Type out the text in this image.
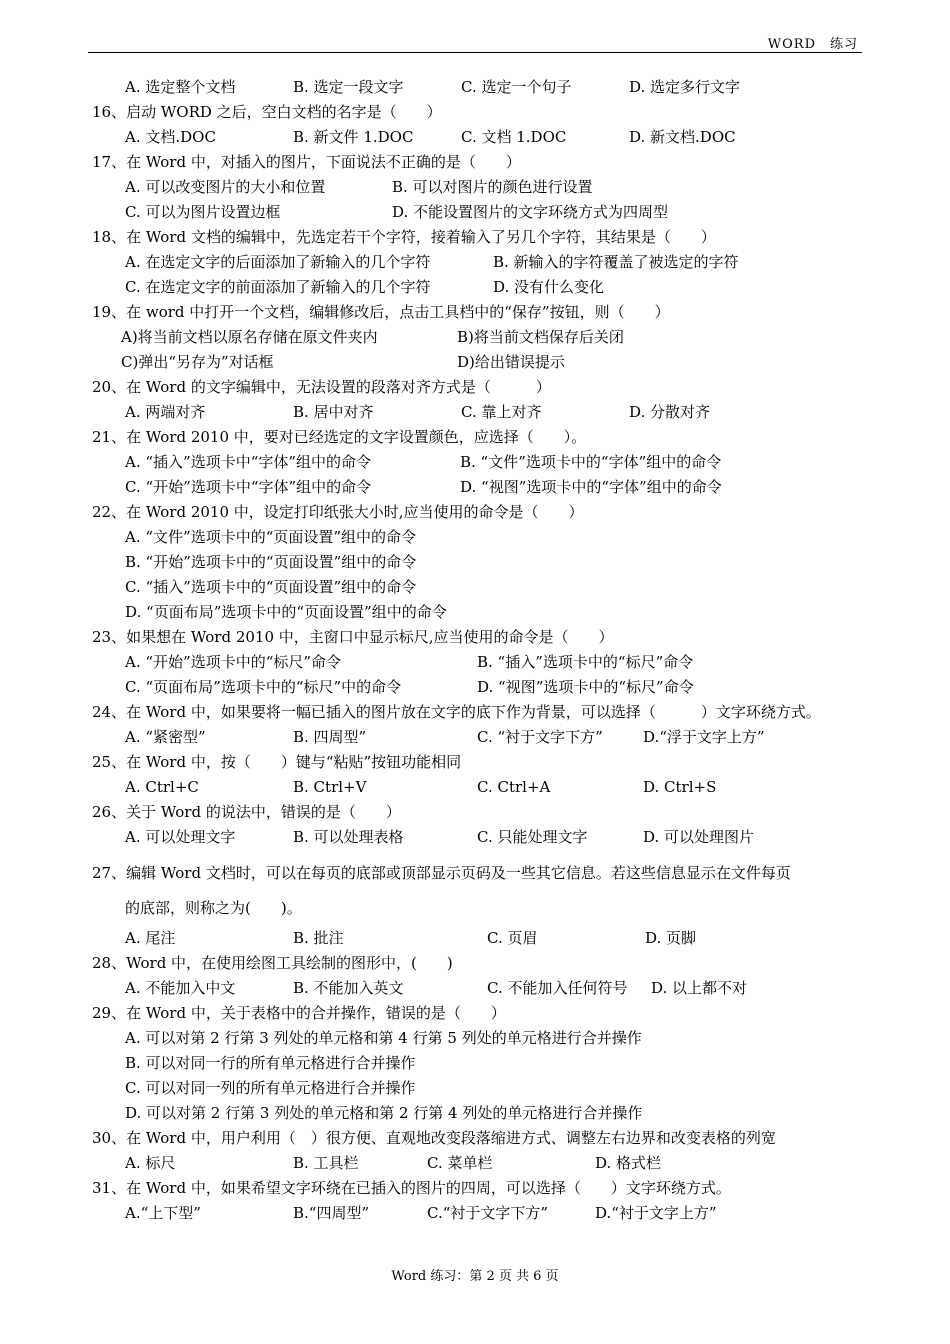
WORD　练习
A. 选定整个文档	B. 选定一段文字	C. 选定一个句子	D. 选定多行文字
16、启动 WORD 之后，空白文档的名字是（　　）
A. 文档.DOC	B. 新文件 1.DOC	C. 文档 1.DOC	D. 新文档.DOC
17、在 Word 中，对插入的图片，下面说法不正确的是（　　）
A. 可以改变图片的大小和位置	B. 可以对图片的颜色进行设置
C. 可以为图片设置边框	D. 不能设置图片的文字环绕方式为四周型
18、在 Word 文档的编辑中，先选定若干个字符，接着输入了另几个字符，其结果是（　　）
A. 在选定文字的后面添加了新输入的几个字符	B. 新输入的字符覆盖了被选定的字符
C. 在选定文字的前面添加了新输入的几个字符	D. 没有什么变化
19、在 word 中打开一个文档，编辑修改后，点击工具档中的“保存”按钮，则（　　）
A)将当前文档以原名存储在原文件夹内	B)将当前文档保存后关闭
C)弹出“另存为”对话框	D)给出错误提示
20、在 Word 的文字编辑中，无法设置的段落对齐方式是（　　　）
A. 两端对齐	B. 居中对齐	C. 靠上对齐	D. 分散对齐
21、在 Word 2010 中，要对已经选定的文字设置颜色，应选择（　　）。
A. “插入”选项卡中“字体”组中的命令	B. “文件”选项卡中的“字体”组中的命令
C. “开始”选项卡中“字体”组中的命令	D. “视图”选项卡中的“字体”组中的命令
22、在 Word 2010 中，设定打印纸张大小时,应当使用的命令是（　　）
A. “文件”选项卡中的“页面设置”组中的命令
B. “开始”选项卡中的“页面设置”组中的命令
C. “插入”选项卡中的“页面设置”组中的命令
D. “页面布局”选项卡中的“页面设置”组中的命令
23、如果想在 Word 2010 中，主窗口中显示标尺,应当使用的命令是（　　）
A. “开始”选项卡中的“标尺”命令	B. “插入”选项卡中的“标尺”命令
C. “页面布局”选项卡中的“标尺”中的命令	D. “视图”选项卡中的“标尺”命令
24、在 Word 中，如果要将一幅已插入的图片放在文字的底下作为背景，可以选择（　　　）文字环绕方式。
A. “紧密型”	B. 四周型”	C. “衬于文字下方”	D.“浮于文字上方”
25、在 Word 中，按（　　）键与“粘贴”按钮功能相同
A. Ctrl+C	B. Ctrl+V	C. Ctrl+A	D. Ctrl+S
26、关于 Word 的说法中，错误的是（　　）
A. 可以处理文字	B. 可以处理表格	C. 只能处理文字	D. 可以处理图片
27、编辑 Word 文档时，可以在每页的底部或顶部显示页码及一些其它信息。若这些信息显示在文件每页
的底部，则称之为(　　)。
A. 尾注	B. 批注	C. 页眉	D. 页脚
28、Word 中，在使用绘图工具绘制的图形中，(　　)
A. 不能加入中文	B. 不能加入英文	C. 不能加入任何符号	D. 以上都不对
29、在 Word 中，关于表格中的合并操作，错误的是（　　）
A. 可以对第 2 行第 3 列处的单元格和第 4 行第 5 列处的单元格进行合并操作
B. 可以对同一行的所有单元格进行合并操作
C. 可以对同一列的所有单元格进行合并操作
D. 可以对第 2 行第 3 列处的单元格和第 2 行第 4 列处的单元格进行合并操作
30、在 Word 中，用户利用（　）很方便、直观地改变段落缩进方式、调整左右边界和改变表格的列宽
A. 标尺	B. 工具栏	C. 菜单栏	D. 格式栏
31、在 Word 中，如果希望文字环绕在已插入的图片的四周，可以选择（　　）文字环绕方式。
A.“上下型”	B.“四周型”	C.“衬于文字下方”	D.“衬于文字上方”
Word 练习：第 2 页 共 6 页
